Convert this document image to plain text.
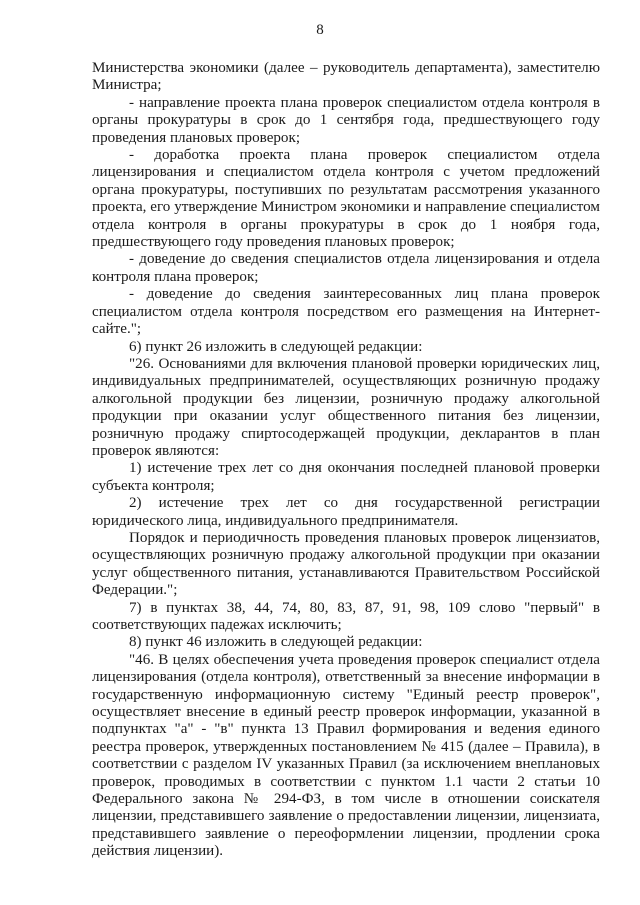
8

Министерства экономики (далее – руководитель департамента), заместителю Министра;

- направление проекта плана проверок специалистом отдела контроля в органы прокуратуры в срок до 1 сентября года, предшествующего году проведения плановых проверок;

- доработка проекта плана проверок специалистом отдела лицензирования и специалистом отдела контроля с учетом предложений органа прокуратуры, поступивших по результатам рассмотрения указанного проекта, его утверждение Министром экономики и направление специалистом отдела контроля в органы прокуратуры в срок до 1 ноября года, предшествующего году проведения плановых проверок;

- доведение до сведения специалистов отдела лицензирования и отдела контроля плана проверок;

- доведение до сведения заинтересованных лиц плана проверок специалистом отдела контроля посредством его размещения на Интернет-сайте.";

6) пункт 26 изложить в следующей редакции:

"26. Основаниями для включения плановой проверки юридических лиц, индивидуальных предпринимателей, осуществляющих розничную продажу алкогольной продукции без лицензии, розничную продажу алкогольной продукции при оказании услуг общественного питания без лицензии, розничную продажу спиртосодержащей продукции, декларантов в план проверок являются:

1) истечение трех лет со дня окончания последней плановой проверки субъекта контроля;

2) истечение трех лет со дня государственной регистрации юридического лица, индивидуального предпринимателя.

Порядок и периодичность проведения плановых проверок лицензиатов, осуществляющих розничную продажу алкогольной продукции при оказании услуг общественного питания, устанавливаются Правительством Российской Федерации.";

7) в пунктах 38, 44, 74, 80, 83, 87, 91, 98, 109 слово "первый" в соответствующих падежах исключить;

8) пункт 46 изложить в следующей редакции:

"46. В целях обеспечения учета проведения проверок специалист отдела лицензирования (отдела контроля), ответственный за внесение информации в государственную информационную систему "Единый реестр проверок", осуществляет внесение в единый реестр проверок информации, указанной в подпунктах "а" - "в" пункта 13 Правил формирования и ведения единого реестра проверок, утвержденных постановлением № 415 (далее – Правила), в соответствии с разделом IV указанных Правил (за исключением внеплановых проверок, проводимых в соответствии с пунктом 1.1 части 2 статьи 10 Федерального закона № 294-ФЗ, в том числе в отношении соискателя лицензии, представившего заявление о предоставлении лицензии, лицензиата, представившего заявление о переоформлении лицензии, продлении срока действия лицензии).
